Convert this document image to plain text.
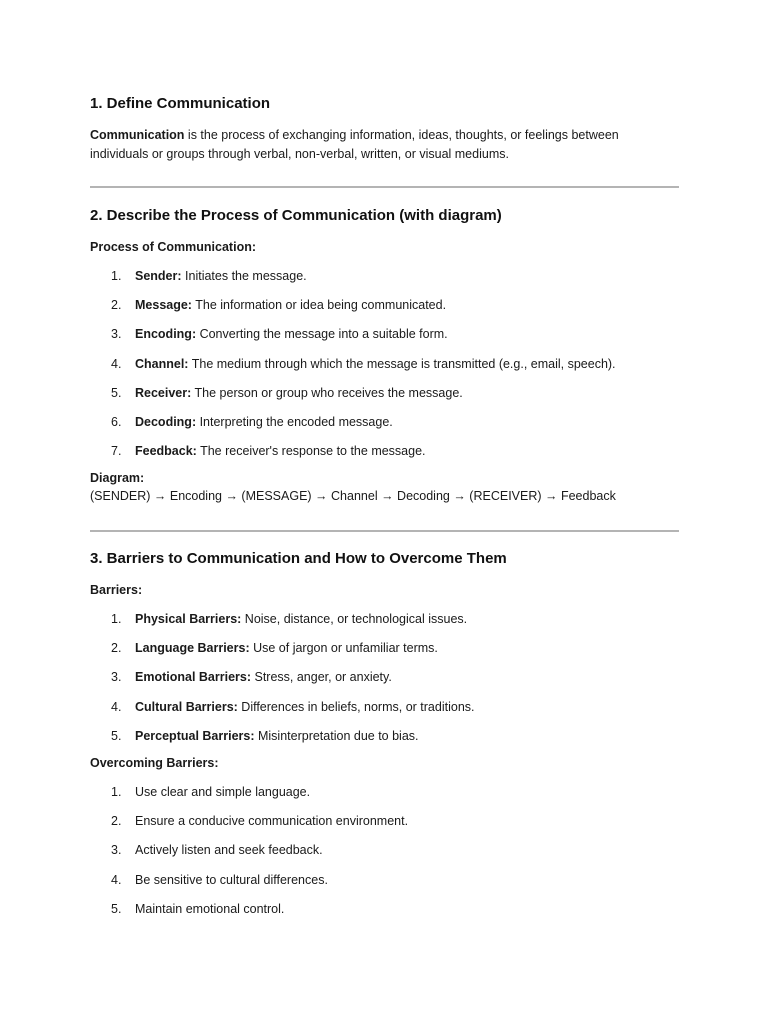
1. Define Communication

Communication is the process of exchanging information, ideas, thoughts, or feelings between individuals or groups through verbal, non-verbal, written, or visual mediums.

2. Describe the Process of Communication (with diagram)

Process of Communication:

1. Sender: Initiates the message.
2. Message: The information or idea being communicated.
3. Encoding: Converting the message into a suitable form.
4. Channel: The medium through which the message is transmitted (e.g., email, speech).
5. Receiver: The person or group who receives the message.
6. Decoding: Interpreting the encoded message.
7. Feedback: The receiver's response to the message.

Diagram:

(SENDER) → Encoding → (MESSAGE) → Channel → Decoding → (RECEIVER) → Feedback

3. Barriers to Communication and How to Overcome Them

Barriers:

1. Physical Barriers: Noise, distance, or technological issues.
2. Language Barriers: Use of jargon or unfamiliar terms.
3. Emotional Barriers: Stress, anger, or anxiety.
4. Cultural Barriers: Differences in beliefs, norms, or traditions.
5. Perceptual Barriers: Misinterpretation due to bias.

Overcoming Barriers:

1. Use clear and simple language.
2. Ensure a conducive communication environment.
3. Actively listen and seek feedback.
4. Be sensitive to cultural differences.
5. Maintain emotional control.
